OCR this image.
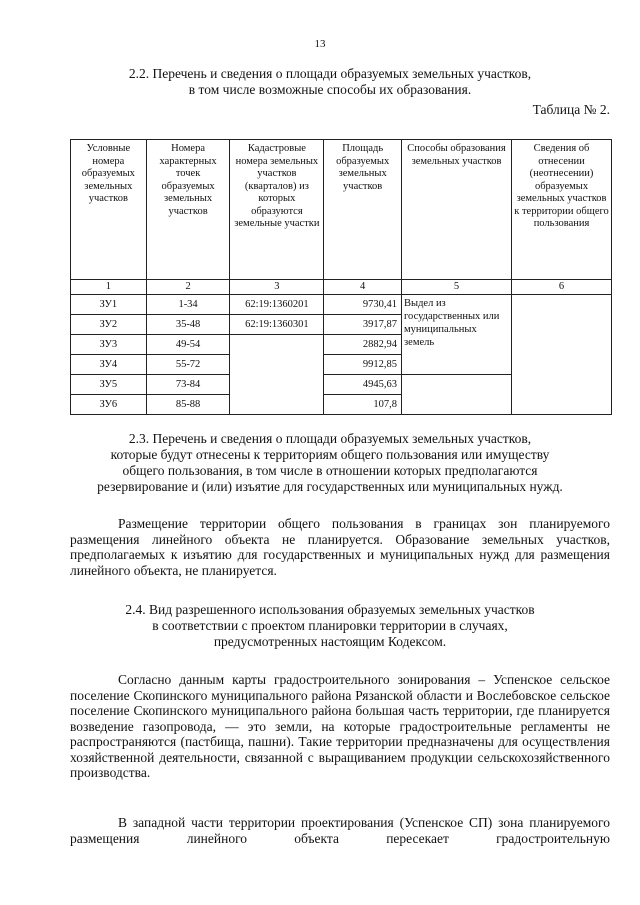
13
2.2. Перечень и сведения о площади образуемых земельных участков,
в том числе возможные способы их образования.
Таблица № 2.
Условные номера образуемых земельных участков	Номера характерных точек образуемых земельных участков	Кадастровые номера земельных участков (кварталов) из которых образуются земельные участки	Площадь образуемых земельных участков	Способы образования земельных участков	Сведения об отнесении (неотнесении) образуемых земельных участков к территории общего пользования
1	2	3	4	5	6
ЗУ1	1-34	62:19:1360201	9730,41	Выдел из государственных или муниципальных земель	
ЗУ2	35-48	62:19:1360301	3917,87		
ЗУ3	49-54		2882,94		
ЗУ4	55-72		9912,85		
ЗУ5	73-84		4945,63		
ЗУ6	85-88		107,8		
2.3. Перечень и сведения о площади образуемых земельных участков,
которые будут отнесены к территориям общего пользования или имуществу
общего пользования, в том числе в отношении которых предполагаются
резервирование и (или) изъятие для государственных или муниципальных нужд.
Размещение территории общего пользования в границах зон планируемого размещения линейного объекта не планируется. Образование земельных участков, предполагаемых к изъятию для государственных и муниципальных нужд для размещения линейного объекта, не планируется.
2.4. Вид разрешенного использования образуемых земельных участков
в соответствии с проектом планировки территории в случаях,
предусмотренных настоящим Кодексом.
Согласно данным карты градостроительного зонирования – Успенское сельское поселение Скопинского муниципального района Рязанской области и Вослебовское сельское поселение Скопинского муниципального района большая часть территории, где планируется возведение газопровода, — это земли, на которые градостроительные регламенты не распространяются (пастбища, пашни). Такие территории предназначены для осуществления хозяйственной деятельности, связанной с выращиванием продукции сельскохозяйственного производства.
В западной части территории проектирования (Успенское СП) зона планируемого размещения линейного объекта пересекает градостроительную
